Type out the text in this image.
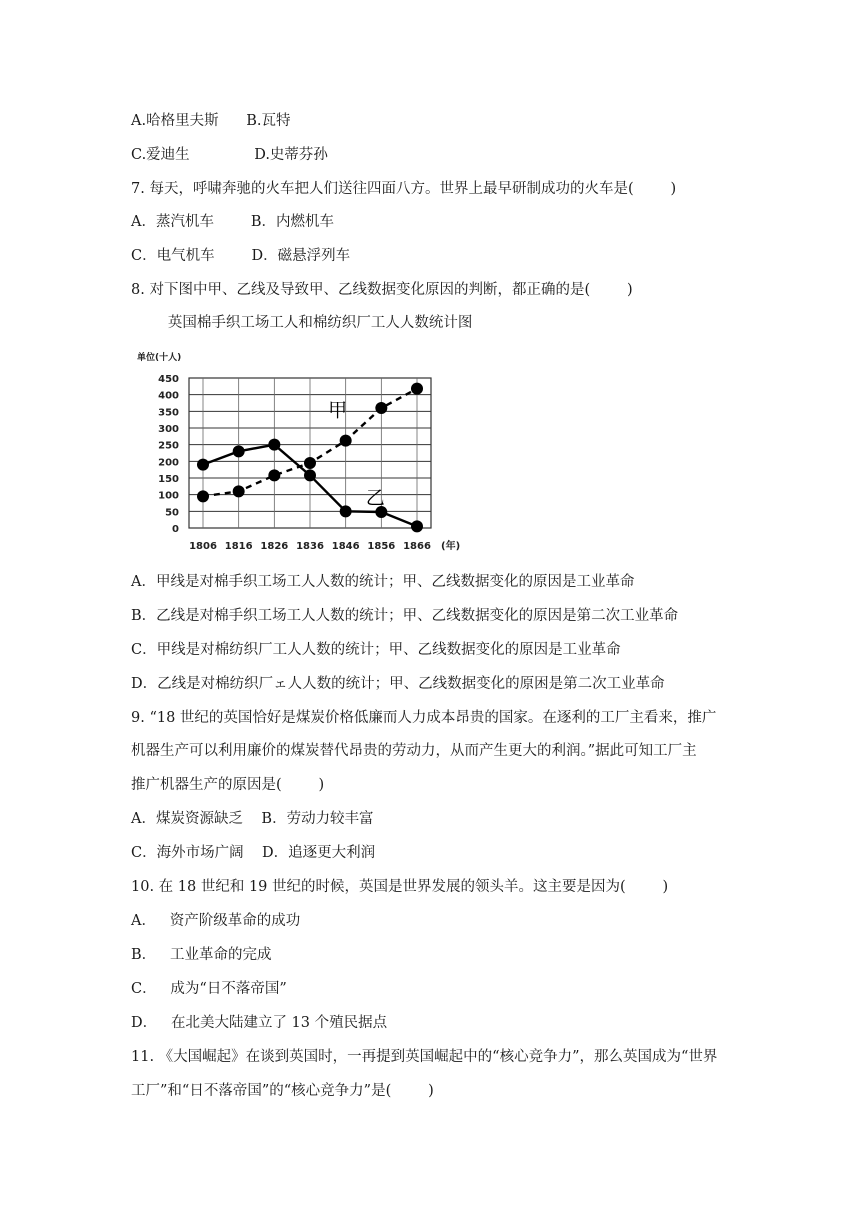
A.哈格里夫斯      B.瓦特
C.爱迪生              D.史蒂芬孙
7. 每天，呼啸奔驰的火车把人们送往四面八方。世界上最早研制成功的火车是(        )
A．蒸汽机车        B．内燃机车
C．电气机车        D．磁悬浮列车
8. 对下图中甲、乙线及导致甲、乙线数据变化原因的判断，都正确的是(        )
英国棉手织工场工人和棉纺织厂工人人数统计图
单位(十人)
450
400
350
300
250
200
150
100
50
0
1806 1816 1826 1836 1846 1856 1866 (年)
甲
乙
A．甲线是对棉手织工场工人人数的统计；甲、乙线数据变化的原因是工业革命
B．乙线是对棉手织工场工人人数的统计；甲、乙线数据变化的原因是第二次工业革命
C．甲线是对棉纺织厂工人人数的统计；甲、乙线数据变化的原因是工业革命
D．乙线是对棉纺织厂ェ人人数的统计；甲、乙线数据变化的原困是第二次工业革命
9. “18 世纪的英国恰好是煤炭价格低廉而人力成本昂贵的国家。在逐利的工厂主看来，推广
机器生产可以利用廉价的煤炭替代昂贵的劳动力，从而产生更大的利润。”据此可知工厂主
推广机器生产的原因是(        )
A．煤炭资源缺乏    B．劳动力较丰富
C．海外市场广阔    D．追逐更大利润
10. 在 18 世纪和 19 世纪的时候，英国是世界发展的领头羊。这主要是因为(        )
A．   资产阶级革命的成功
B．   工业革命的完成
C．   成为“日不落帝国”
D．   在北美大陆建立了 13 个殖民据点
11. 《大国崛起》在谈到英国时，一再提到英国崛起中的“核心竞争力”，那么英国成为“世界
工厂”和“日不落帝国”的“核心竞争力”是(        )
